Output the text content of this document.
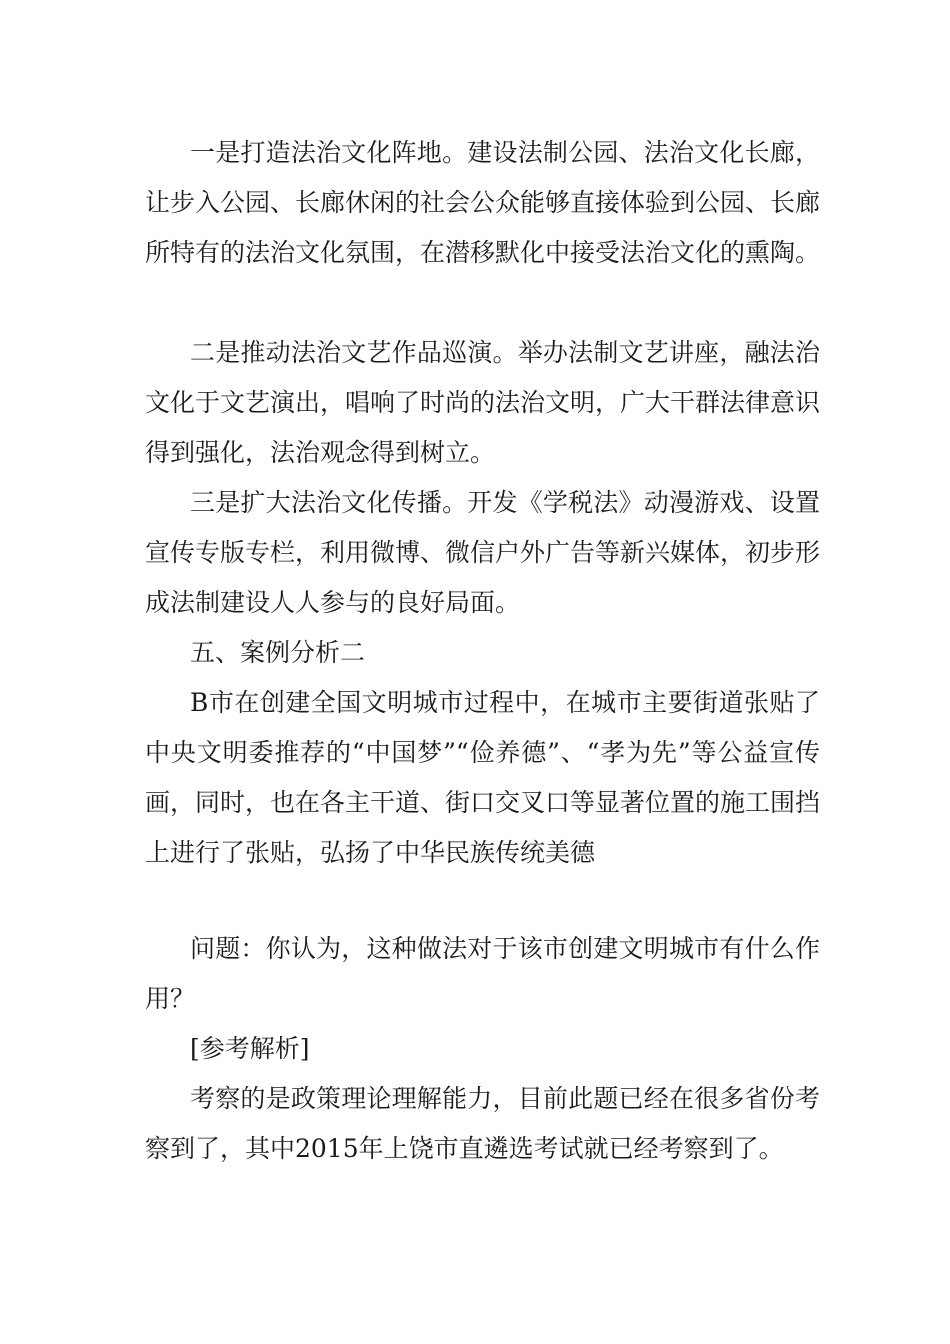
一是打造法治文化阵地。建设法制公园、法治文化长廊，让步入公园、长廊休闲的社会公众能够直接体验到公园、长廊所特有的法治文化氛围，在潜移默化中接受法治文化的熏陶。

二是推动法治文艺作品巡演。举办法制文艺讲座，融法治文化于文艺演出，唱响了时尚的法治文明，广大干群法律意识得到强化，法治观念得到树立。

三是扩大法治文化传播。开发《学税法》动漫游戏、设置宣传专版专栏，利用微博、微信户外广告等新兴媒体，初步形成法制建设人人参与的良好局面。

五、案例分析二

B市在创建全国文明城市过程中，在城市主要街道张贴了中央文明委推荐的“中国梦”“俭养德”、“孝为先”等公益宣传画，同时，也在各主干道、街口交叉口等显著位置的施工围挡上进行了张贴，弘扬了中华民族传统美德

问题：你认为，这种做法对于该市创建文明城市有什么作用？

[参考解析]

考察的是政策理论理解能力，目前此题已经在很多省份考察到了，其中2015年上饶市直遴选考试就已经考察到了。
